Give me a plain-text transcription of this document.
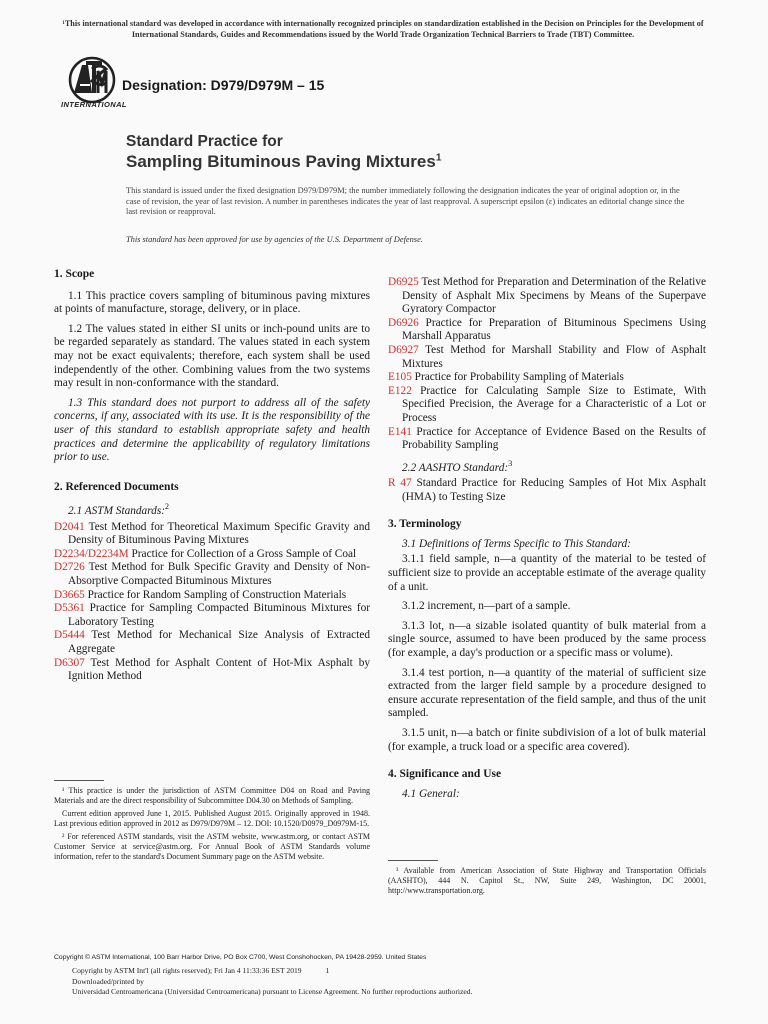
¹This international standard was developed in accordance with internationally recognized principles on standardization established in the Decision on Principles for the Development of International Standards, Guides and Recommendations issued by the World Trade Organization Technical Barriers to Trade (TBT) Committee.
INTERNATIONAL
Designation: D979/D979M – 15
Standard Practice for
Sampling Bituminous Paving Mixtures$^1$
This standard is issued under the fixed designation D979/D979M; the number immediately following the designation indicates the year of original adoption or, in the case of revision, the year of last revision. A number in parentheses indicates the year of last reapproval. A superscript epsilon (ε) indicates an editorial change since the last revision or reapproval.
This standard has been approved for use by agencies of the U.S. Department of Defense.

1. Scope

1.1 This practice covers sampling of bituminous paving mixtures at points of manufacture, storage, delivery, or in place.

1.2 The values stated in either SI units or inch-pound units are to be regarded separately as standard. The values stated in each system may not be exact equivalents; therefore, each system shall be used independently of the other. Combining values from the two systems may result in non-conformance with the standard.

1.3 This standard does not purport to address all of the safety concerns, if any, associated with its use. It is the responsibility of the user of this standard to establish appropriate safety and health practices and determine the applicability of regulatory limitations prior to use.

2. Referenced Documents

2.1 ASTM Standards:$^2$

D2041 Test Method for Theoretical Maximum Specific Gravity and Density of Bituminous Paving Mixtures

D2234/D2234M Practice for Collection of a Gross Sample of Coal

D2726 Test Method for Bulk Specific Gravity and Density of Non-Absorptive Compacted Bituminous Mixtures

D3665 Practice for Random Sampling of Construction Materials

D5361 Practice for Sampling Compacted Bituminous Mixtures for Laboratory Testing

D5444 Test Method for Mechanical Size Analysis of Extracted Aggregate

D6307 Test Method for Asphalt Content of Hot-Mix Asphalt by Ignition Method

¹ This practice is under the jurisdiction of ASTM Committee D04 on Road and Paving Materials and are the direct responsibility of Subcommittee D04.30 on Methods of Sampling.

Current edition approved June 1, 2015. Published August 2015. Originally approved in 1948. Last previous edition approved in 2012 as D979/D979M – 12. DOI: 10.1520/D0979_D0979M-15.

² For referenced ASTM standards, visit the ASTM website, www.astm.org, or contact ASTM Customer Service at service@astm.org. For Annual Book of ASTM Standards volume information, refer to the standard's Document Summary page on the ASTM website.

D6925 Test Method for Preparation and Determination of the Relative Density of Asphalt Mix Specimens by Means of the Superpave Gyratory Compactor

D6926 Practice for Preparation of Bituminous Specimens Using Marshall Apparatus

D6927 Test Method for Marshall Stability and Flow of Asphalt Mixtures

E105 Practice for Probability Sampling of Materials

E122 Practice for Calculating Sample Size to Estimate, With Specified Precision, the Average for a Characteristic of a Lot or Process

E141 Practice for Acceptance of Evidence Based on the Results of Probability Sampling

2.2 AASHTO Standard:$^3$

R 47 Standard Practice for Reducing Samples of Hot Mix Asphalt (HMA) to Testing Size

3. Terminology

3.1 Definitions of Terms Specific to This Standard:

3.1.1 field sample, n—a quantity of the material to be tested of sufficient size to provide an acceptable estimate of the average quality of a unit.

3.1.2 increment, n—part of a sample.

3.1.3 lot, n—a sizable isolated quantity of bulk material from a single source, assumed to have been produced by the same process (for example, a day's production or a specific mass or volume).

3.1.4 test portion, n—a quantity of the material of sufficient size extracted from the larger field sample by a procedure designed to ensure accurate representation of the field sample, and thus of the unit sampled.

3.1.5 unit, n—a batch or finite subdivision of a lot of bulk material (for example, a truck load or a specific area covered).

4. Significance and Use

4.1 General:

³ Available from American Association of State Highway and Transportation Officials (AASHTO), 444 N. Capitol St., NW, Suite 249, Washington, DC 20001, http://www.transportation.org.

Copyright © ASTM International, 100 Barr Harbor Drive, PO Box C700, West Conshohocken, PA 19428-2959. United States
Copyright by ASTM Int'l (all rights reserved); Fri Jan 4 11:33:36 EST 2019	1
Downloaded/printed by
Universidad Centroamericana (Universidad Centroamericana) pursuant to License Agreement. No further reproductions authorized.
